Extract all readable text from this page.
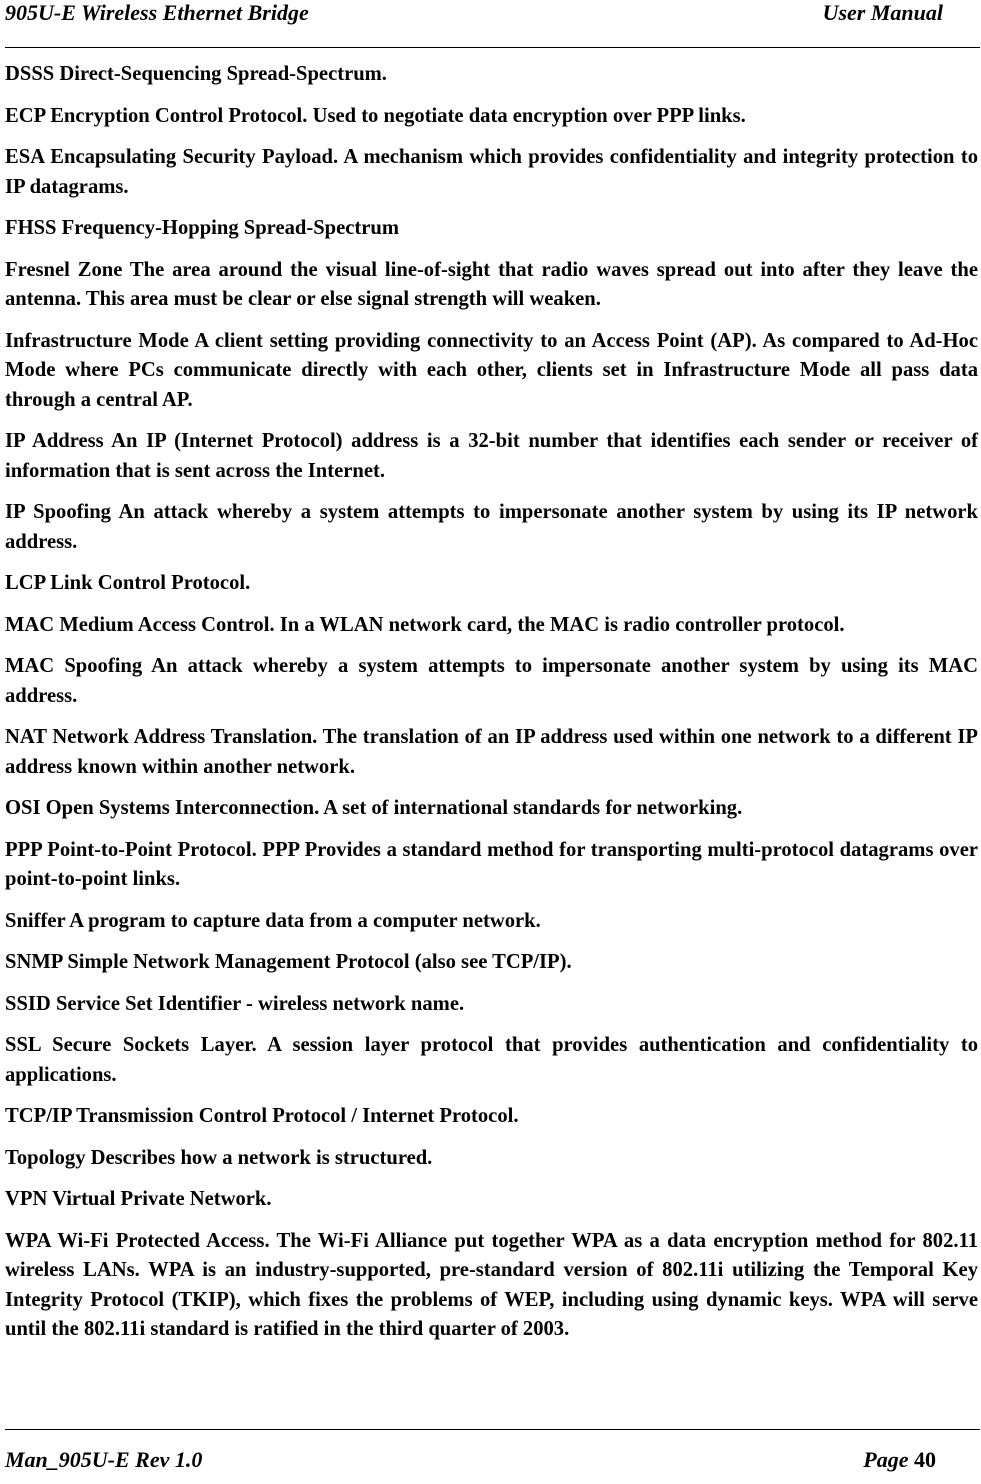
905U-E Wireless Ethernet Bridge	User Manual

DSSS Direct-Sequencing Spread-Spectrum.

ECP Encryption Control Protocol. Used to negotiate data encryption over PPP links.

ESA Encapsulating Security Payload. A mechanism which provides confidentiality and integrity protection to IP datagrams.

FHSS Frequency-Hopping Spread-Spectrum

Fresnel Zone The area around the visual line-of-sight that radio waves spread out into after they leave the antenna. This area must be clear or else signal strength will weaken.

Infrastructure Mode A client setting providing connectivity to an Access Point (AP). As compared to Ad-Hoc Mode where PCs communicate directly with each other, clients set in Infrastructure Mode all pass data through a central AP.

IP Address An IP (Internet Protocol) address is a 32-bit number that identifies each sender or receiver of information that is sent across the Internet.

IP Spoofing An attack whereby a system attempts to impersonate another system by using its IP network address.

LCP Link Control Protocol.

MAC Medium Access Control. In a WLAN network card, the MAC is radio controller protocol.

MAC Spoofing An attack whereby a system attempts to impersonate another system by using its MAC address.

NAT Network Address Translation. The translation of an IP address used within one network to a different IP address known within another network.

OSI Open Systems Interconnection. A set of international standards for networking.

PPP Point-to-Point Protocol. PPP Provides a standard method for transporting multi-protocol datagrams over point-to-point links.

Sniffer A program to capture data from a computer network.

SNMP Simple Network Management Protocol (also see TCP/IP).

SSID Service Set Identifier - wireless network name.

SSL Secure Sockets Layer. A session layer protocol that provides authentication and confidentiality to applications.

TCP/IP Transmission Control Protocol / Internet Protocol.

Topology Describes how a network is structured.

VPN Virtual Private Network.

WPA Wi-Fi Protected Access. The Wi-Fi Alliance put together WPA as a data encryption method for 802.11 wireless LANs. WPA is an industry-supported, pre-standard version of 802.11i utilizing the Temporal Key Integrity Protocol (TKIP), which fixes the problems of WEP, including using dynamic keys. WPA will serve until the 802.11i standard is ratified in the third quarter of 2003.

Man_905U-E Rev 1.0	Page 40
